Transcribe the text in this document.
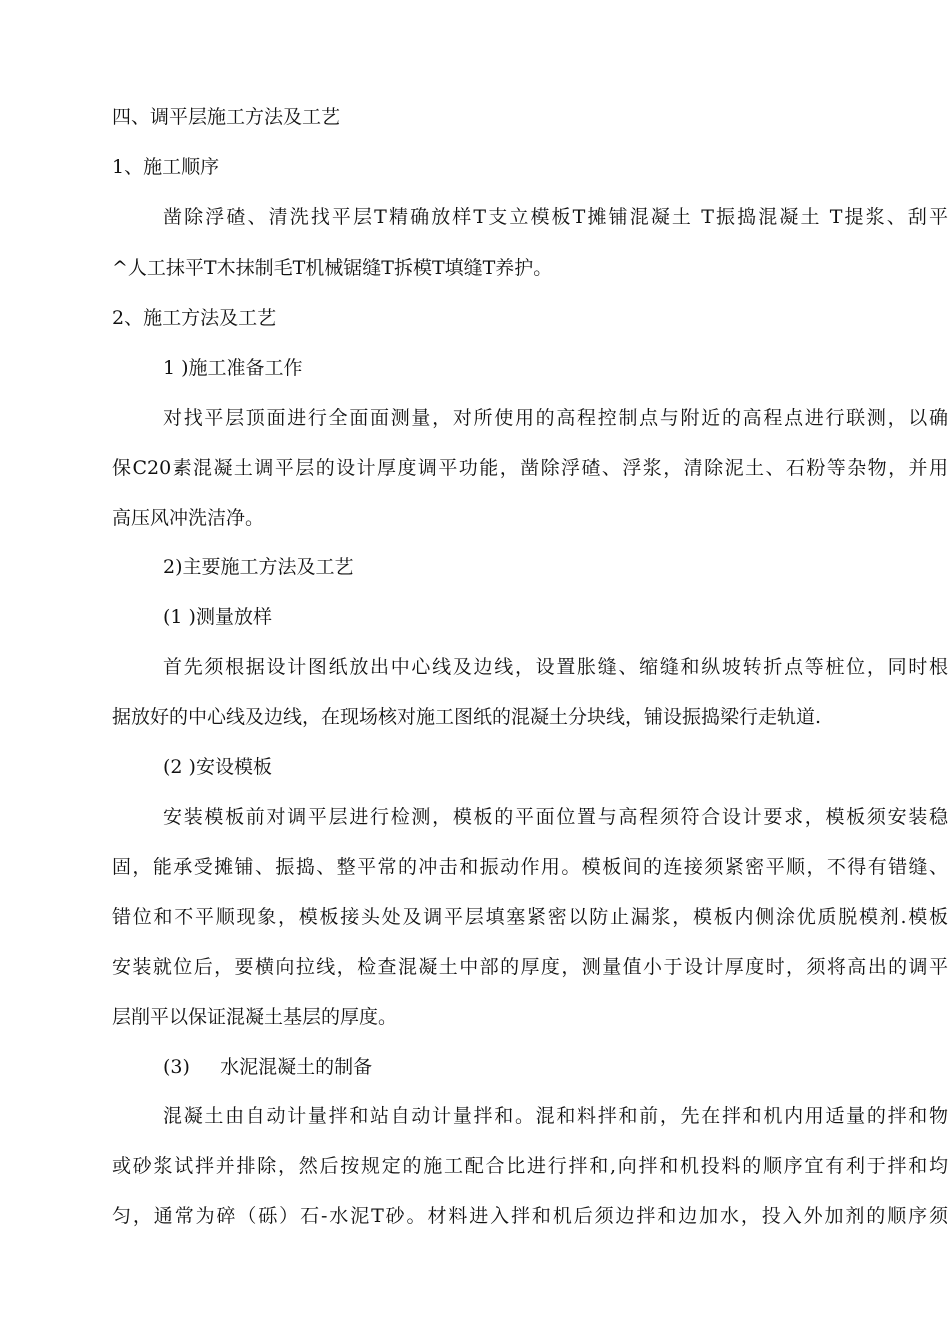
四、调平层施工方法及工艺
1、施工顺序
凿除浮碴、清洗找平层T精确放样T支立模板T摊铺混凝土 T振捣混凝土 T提浆、刮平
^人工抹平T木抹制毛T机械锯缝T拆模T填缝T养护。
2、施工方法及工艺
1 )施工准备工作
对找平层顶面进行全面面测量，对所使用的高程控制点与附近的高程点进行联测，以确
保C20素混凝土调平层的设计厚度调平功能，凿除浮碴、浮浆，清除泥土、石粉等杂物，并用
高压风冲洗洁净。
2)主要施工方法及工艺
(1 )测量放样
首先须根据设计图纸放出中心线及边线，设置胀缝、缩缝和纵坡转折点等桩位，同时根
据放好的中心线及边线，在现场核对施工图纸的混凝土分块线，铺设振捣梁行走轨道.
(2 )安设模板
安装模板前对调平层进行检测，模板的平面位置与高程须符合设计要求，模板须安装稳
固，能承受摊铺、振捣、整平常的冲击和振动作用。模板间的连接须紧密平顺，不得有错缝、
错位和不平顺现象，模板接头处及调平层填塞紧密以防止漏浆，模板内侧涂优质脱模剂.模板
安装就位后，要横向拉线，检查混凝土中部的厚度，测量值小于设计厚度时，须将高出的调平
层削平以保证混凝土基层的厚度。
(3)     水泥混凝土的制备
混凝土由自动计量拌和站自动计量拌和。混和料拌和前，先在拌和机内用适量的拌和物
或砂浆试拌并排除，然后按规定的施工配合比进行拌和,向拌和机投料的顺序宜有利于拌和均
匀，通常为碎（砾）石-水泥T砂。材料进入拌和机后须边拌和边加水，投入外加剂的顺序须
